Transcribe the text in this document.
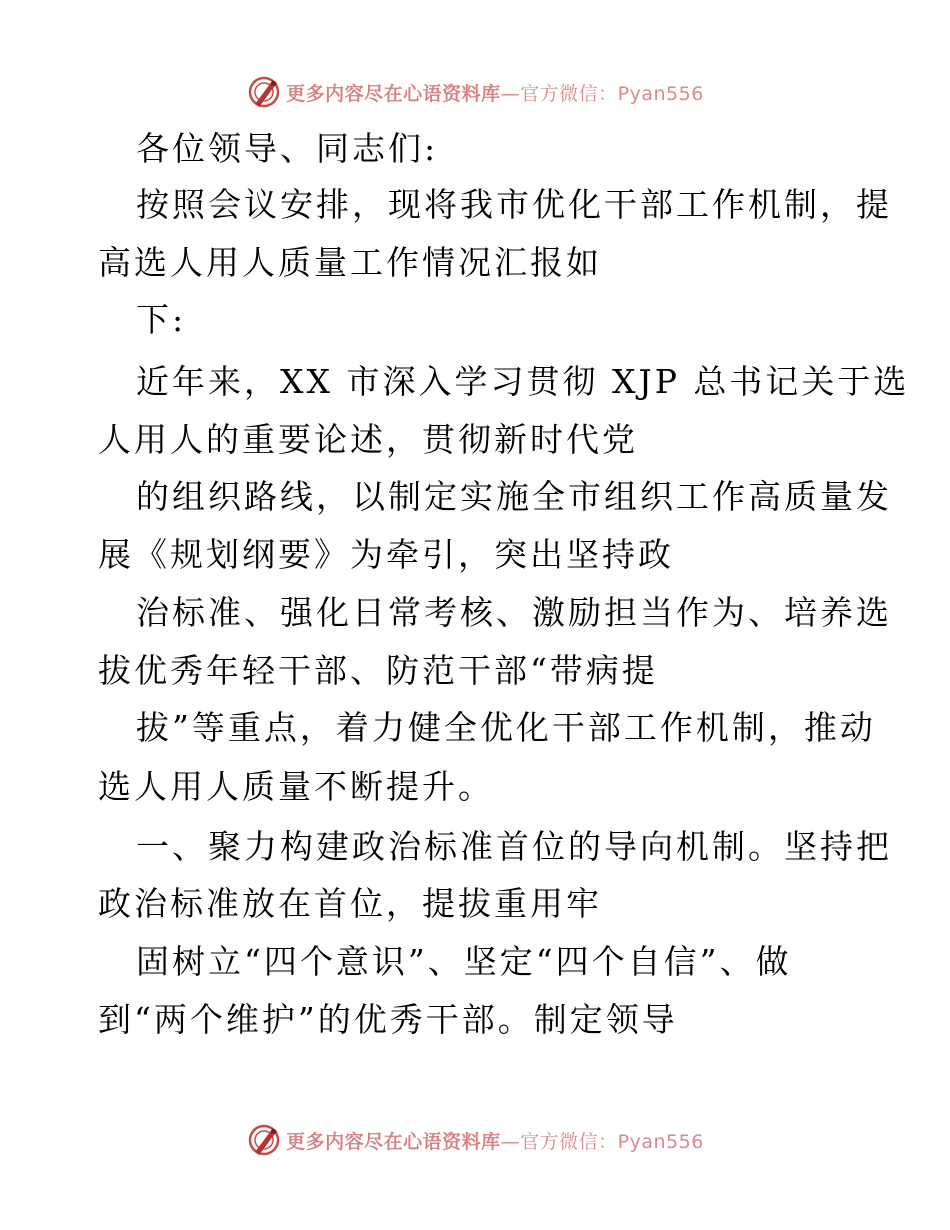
更多内容尽在心语资料库—官方微信：Pyan556
各位领导、同志们:
按照会议安排，现将我市优化干部工作机制，提
高选人用人质量工作情况汇报如
下:
近年来，XX 市深入学习贯彻 XJP 总书记关于选
人用人的重要论述，贯彻新时代党
的组织路线，以制定实施全市组织工作高质量发
展《规划纲要》为牵引，突出坚持政
治标准、强化日常考核、激励担当作为、培养选
拔优秀年轻干部、防范干部“带病提
拔”等重点，着力健全优化干部工作机制，推动
选人用人质量不断提升。
一、聚力构建政治标准首位的导向机制。坚持把
政治标准放在首位，提拔重用牢
固树立“四个意识”、坚定“四个自信”、做
到“两个维护”的优秀干部。制定领导
更多内容尽在心语资料库—官方微信：Pyan556
